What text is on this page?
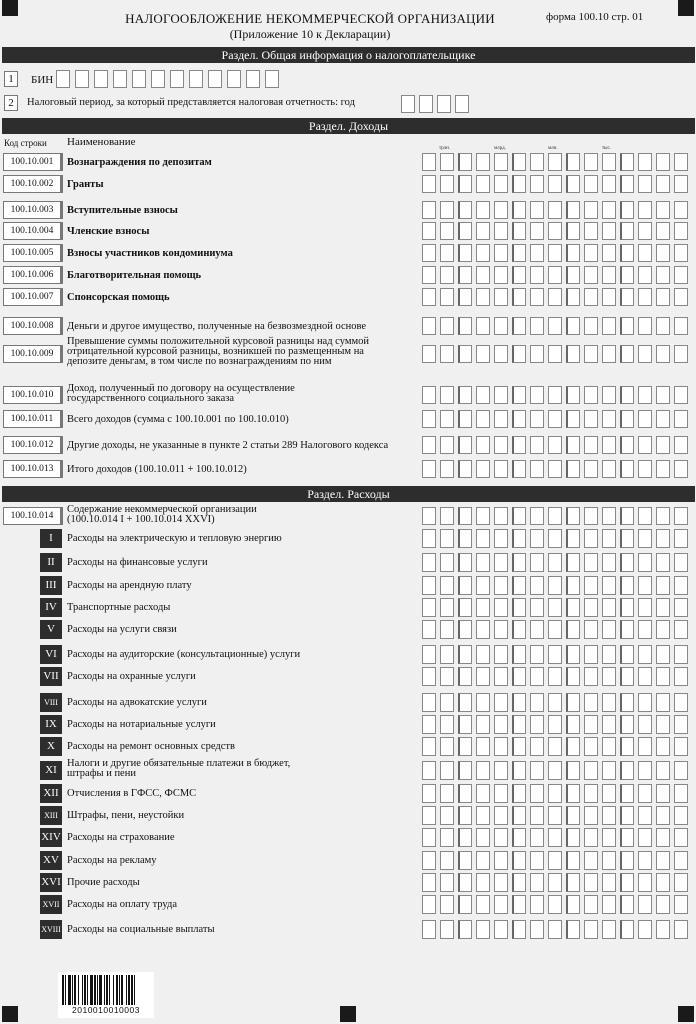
НАЛОГООБЛОЖЕНИЕ НЕКОММЕРЧЕСКОЙ ОРГАНИЗАЦИИ
(Приложение 10 к Декларации)
форма 100.10 стр. 01
Раздел. Общая информация о налогоплательщике
1	БИН
2	Налоговый период, за который представляется налоговая отчетность: год
Раздел. Доходы
Код строки Наименование
Раздел. Расходы
2010010010003
трлн.	млрд.	млн.	тыс.
100.10.001	Вознаграждения по депозитам
100.10.002	Гранты
100.10.003	Вступительные взносы
100.10.004	Членские взносы
100.10.005	Взносы участников кондоминиума
100.10.006	Благотворительная помощь
100.10.007	Спонсорская помощь
100.10.008	Деньги и другое имущество, полученные на безвозмездной основе
100.10.009
Превышение суммы положительной курсовой разницы над суммой отрицательной курсовой разницы, возникшей по размещенным на депозите деньгам, в том числе по вознаграждениям по ним
100.10.010
Доход, полученный по договору на осуществление государственного социального заказа
100.10.011	Всего доходов (сумма с 100.10.001 по 100.10.010)
100.10.012	Другие доходы, не указанные в пункте 2 статьи 289 Налогового кодекса
100.10.013	Итого доходов (100.10.011 + 100.10.012)
100.10.014
Содержание некоммерческой организации (100.10.014 I + 100.10.014 XXVI)
I	Расходы на электрическую и тепловую энергию
II	Расходы на финансовые услуги
III	Расходы на арендную плату
IV Транспортные расходы
V	Расходы на услуги связи
VI Расходы на аудиторские (консультационные) услуги
VII Расходы на охранные услуги
VIII Расходы на адвокатские услуги
IX Расходы на нотариальные услуги
X	Расходы на ремонт основных средств
XI
Налоги и другие обязательные платежи в бюджет, штрафы и пени
XII Отчисления в ГФСС, ФСМС
XIII Штрафы, пени, неустойки
XIV Расходы на страхование
XV Расходы на рекламу
XVI Прочие расходы
XVII Расходы на оплату труда
XVIII Расходы на социальные выплаты
